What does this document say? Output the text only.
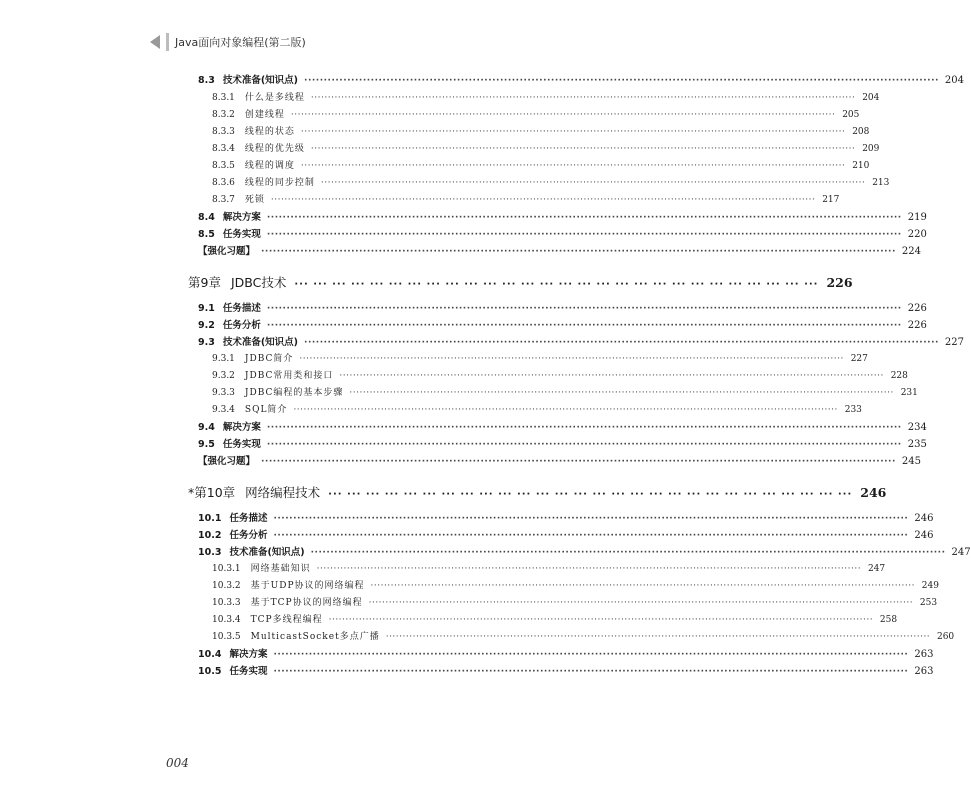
Java面向对象编程(第二版)
8.3 技术准备(知识点) ·································································································································································· 204
8.3.1 什么是多线程 ·································································································································································· 204
8.3.2 创建线程 ·································································································································································· 205
8.3.3 线程的状态 ·································································································································································· 208
8.3.4 线程的优先级 ·································································································································································· 209
8.3.5 线程的调度 ·································································································································································· 210
8.3.6 线程的同步控制 ·································································································································································· 213
8.3.7 死锁 ·································································································································································· 217
8.4 解决方案 ·································································································································································· 219
8.5 任务实现 ·································································································································································· 220
【强化习题】 ·································································································································································· 224
第9章 JDBC技术 ··· ··· ··· ··· ··· ··· ··· ··· ··· ··· ··· ··· ··· ··· ··· ··· ··· ··· ··· ··· ··· ··· ··· ··· ··· ··· ··· ··· 226
9.1 任务描述 ·································································································································································· 226
9.2 任务分析 ·································································································································································· 226
9.3 技术准备(知识点) ·································································································································································· 227
9.3.1 JDBC简介 ·································································································································································· 227
9.3.2 JDBC常用类和接口 ·································································································································································· 228
9.3.3 JDBC编程的基本步骤 ·································································································································································· 231
9.3.4 SQL简介 ·································································································································································· 233
9.4 解决方案 ·································································································································································· 234
9.5 任务实现 ·································································································································································· 235
【强化习题】 ·································································································································································· 245
*第10章 网络编程技术 ··· ··· ··· ··· ··· ··· ··· ··· ··· ··· ··· ··· ··· ··· ··· ··· ··· ··· ··· ··· ··· ··· ··· ··· ··· ··· ··· ··· 246
10.1 任务描述 ·································································································································································· 246
10.2 任务分析 ·································································································································································· 246
10.3 技术准备(知识点) ·································································································································································· 247
10.3.1 网络基础知识 ·································································································································································· 247
10.3.2 基于UDP协议的网络编程 ·································································································································································· 249
10.3.3 基于TCP协议的网络编程 ·································································································································································· 253
10.3.4 TCP多线程编程 ·································································································································································· 258
10.3.5 MulticastSocket多点广播 ·································································································································································· 260
10.4 解决方案 ·································································································································································· 263
10.5 任务实现 ·································································································································································· 263
004
